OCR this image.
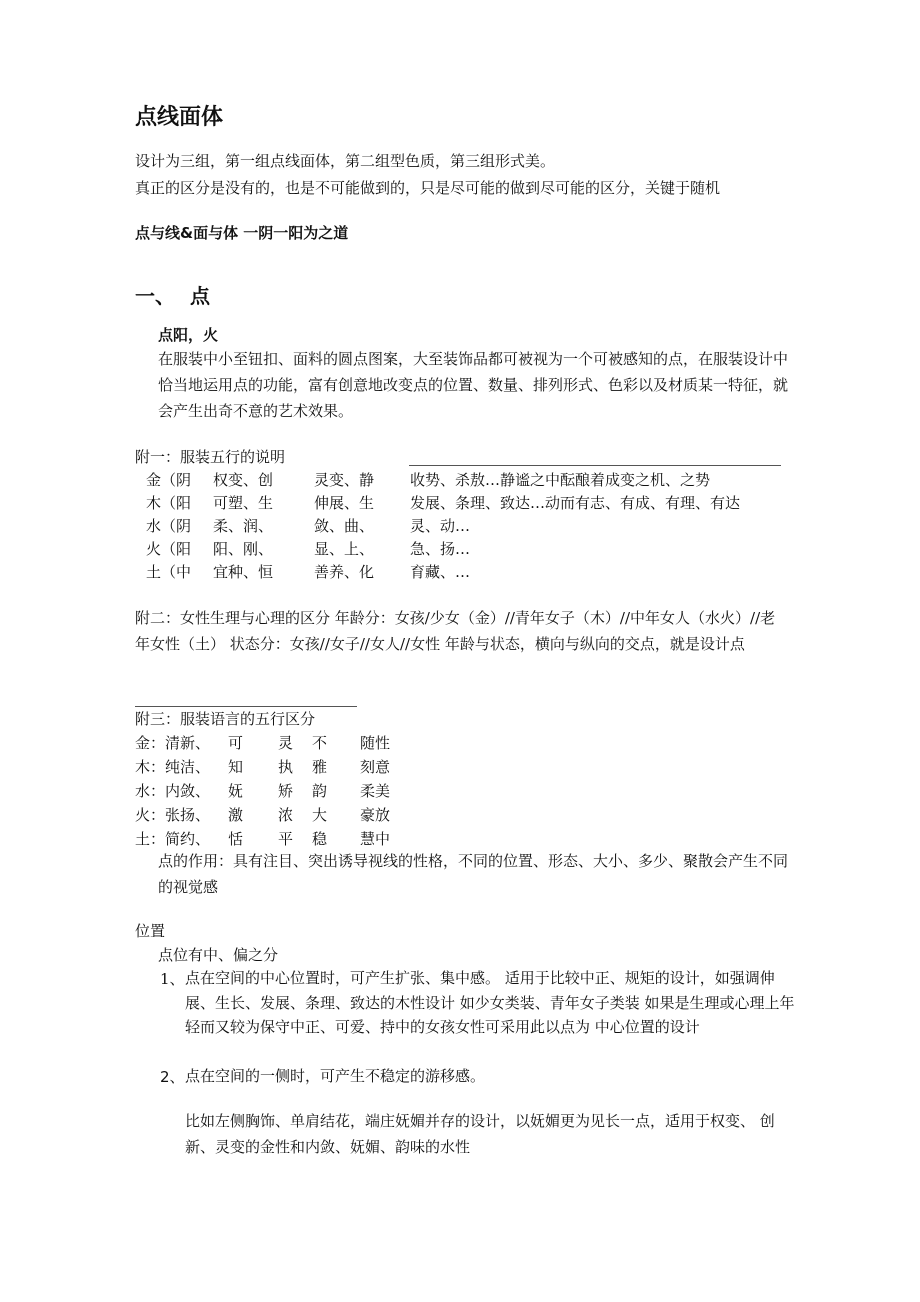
点线面体
设计为三组，第一组点线面体，第二组型色质，第三组形式美。
真正的区分是没有的，也是不可能做到的，只是尽可能的做到尽可能的区分，关键于随机
点与线&面与体 一阴一阳为之道
一、 点
点阳，火
在服装中小至钮扣、面料的圆点图案，大至装饰品都可被视为一个可被感知的点，在服装设计中恰当地运用点的功能，富有创意地改变点的位置、数量、排列形式、色彩以及材质某一特征，就会产生出奇不意的艺术效果。
附一：服装五行的说明
金（阴 权变、创	灵变、静 收势、杀敖…静谧之中酝酿着成变之机、之势
木（阳 可塑、生	伸展、生 发展、条理、致达…动而有志、有成、有理、有达
水（阴 柔、润、	敛、曲、 灵、动…
火（阳 阳、刚、	显、上、 急、扬…
土（中 宜种、恒	善养、化 育藏、…
附二：女性生理与心理的区分 年龄分：女孩/少女（金）//青年女子（木）//中年女人（水火）//老年女性（土） 状态分：女孩//女子//女人//女性 年龄与状态，横向与纵向的交点，就是设计点
附三：服装语言的五行区分
金：清新、 可 灵 不 随性
木：纯洁、 知 执 雅 刻意
水：内敛、 妩 矫 韵 柔美
火：张扬、 激 浓 大 豪放
土：简约、 恬 平 稳 慧中
点的作用：具有注目、突出诱导视线的性格，不同的位置、形态、大小、多少、聚散会产生不同的视觉感
位置
点位有中、偏之分
1、 点在空间的中心位置时，可产生扩张、集中感。 适用于比较中正、规矩的设计，如强调伸展、生长、发展、条理、致达的木性设计 如少女类装、青年女子类装 如果是生理或心理上年轻而又较为保守中正、可爱、持中的女孩女性可采用此以点为 中心位置的设计
2、 点在空间的一侧时，可产生不稳定的游移感。
比如左侧胸饰、单肩结花，端庄妩媚并存的设计，以妩媚更为见长一点，适用于权变、 创新、灵变的金性和内敛、妩媚、韵味的水性
